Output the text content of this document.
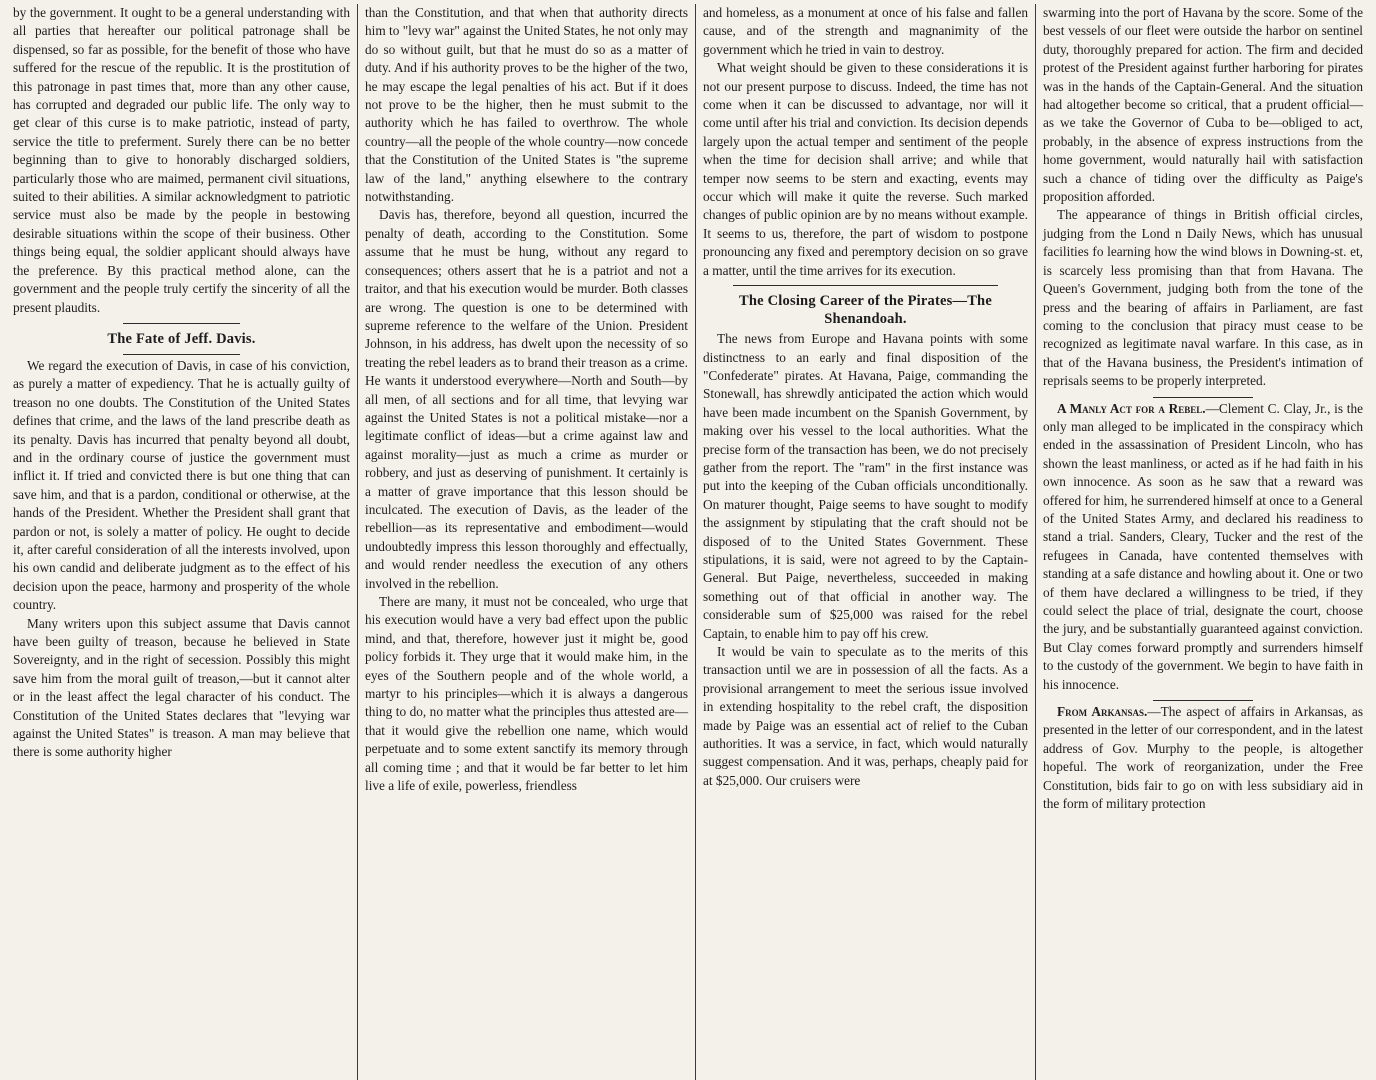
by the government. It ought to be a general understanding with all parties that hereafter our political patronage shall be dispensed, so far as possible, for the benefit of those who have suffered for the rescue of the republic. It is the prostitution of this patronage in past times that, more than any other cause, has corrupted and degraded our public life. The only way to get clear of this curse is to make patriotic, instead of party, service the title to preferment. Surely there can be no better beginning than to give to honorably discharged soldiers, particularly those who are maimed, permanent civil situations, suited to their abilities. A similar acknowledgment to patriotic service must also be made by the people in bestowing desirable situations within the scope of their business. Other things being equal, the soldier applicant should always have the preference. By this practical method alone, can the government and the people truly certify the sincerity of all the present plaudits.

The Fate of Jeff. Davis.

We regard the execution of Davis, in case of his conviction, as purely a matter of expediency. That he is actually guilty of treason no one doubts. The Constitution of the United States defines that crime, and the laws of the land prescribe death as its penalty. Davis has incurred that penalty beyond all doubt, and in the ordinary course of justice the government must inflict it. If tried and convicted there is but one thing that can save him, and that is a pardon, conditional or otherwise, at the hands of the President. Whether the President shall grant that pardon or not, is solely a matter of policy. He ought to decide it, after careful consideration of all the interests involved, upon his own candid and deliberate judgment as to the effect of his decision upon the peace, harmony and prosperity of the whole country.

Many writers upon this subject assume that Davis cannot have been guilty of treason, because he believed in State Sovereignty, and in the right of secession. Possibly this might save him from the moral guilt of treason,—but it cannot alter or in the least affect the legal character of his conduct. The Constitution of the United States declares that "levying war against the United States" is treason. A man may believe that there is some authority higher

than the Constitution, and that when that authority directs him to "levy war" against the United States, he not only may do so without guilt, but that he must do so as a matter of duty. And if his authority proves to be the higher of the two, he may escape the legal penalties of his act. But if it does not prove to be the higher, then he must submit to the authority which he has failed to overthrow. The whole country—all the people of the whole country—now concede that the Constitution of the United States is "the supreme law of the land," anything elsewhere to the contrary notwithstanding.

Davis has, therefore, beyond all question, incurred the penalty of death, according to the Constitution. Some assume that he must be hung, without any regard to consequences; others assert that he is a patriot and not a traitor, and that his execution would be murder. Both classes are wrong. The question is one to be determined with supreme reference to the welfare of the Union. President Johnson, in his address, has dwelt upon the necessity of so treating the rebel leaders as to brand their treason as a crime. He wants it understood everywhere—North and South—by all men, of all sections and for all time, that levying war against the United States is not a political mistake—nor a legitimate conflict of ideas—but a crime against law and against morality—just as much a crime as murder or robbery, and just as deserving of punishment. It certainly is a matter of grave importance that this lesson should be inculcated. The execution of Davis, as the leader of the rebellion—as its representative and embodiment—would undoubtedly impress this lesson thoroughly and effectually, and would render needless the execution of any others involved in the rebellion.

There are many, it must not be concealed, who urge that his execution would have a very bad effect upon the public mind, and that, therefore, however just it might be, good policy forbids it. They urge that it would make him, in the eyes of the Southern people and of the whole world, a martyr to his principles—which it is always a dangerous thing to do, no matter what the principles thus attested are—that it would give the rebellion one name, which would perpetuate and to some extent sanctify its memory through all coming time ; and that it would be far better to let him live a life of exile, powerless, friendless

and homeless, as a monument at once of his false and fallen cause, and of the strength and magnanimity of the government which he tried in vain to destroy.

What weight should be given to these considerations it is not our present purpose to discuss. Indeed, the time has not come when it can be discussed to advantage, nor will it come until after his trial and conviction. Its decision depends largely upon the actual temper and sentiment of the people when the time for decision shall arrive; and while that temper now seems to be stern and exacting, events may occur which will make it quite the reverse. Such marked changes of public opinion are by no means without example. It seems to us, therefore, the part of wisdom to postpone pronouncing any fixed and peremptory decision on so grave a matter, until the time arrives for its execution.

The Closing Career of the Pirates—The Shenandoah.

The news from Europe and Havana points with some distinctness to an early and final disposition of the "Confederate" pirates. At Havana, Paige, commanding the Stonewall, has shrewdly anticipated the action which would have been made incumbent on the Spanish Government, by making over his vessel to the local authorities. What the precise form of the transaction has been, we do not precisely gather from the report. The "ram" in the first instance was put into the keeping of the Cuban officials unconditionally. On maturer thought, Paige seems to have sought to modify the assignment by stipulating that the craft should not be disposed of to the United States Government. These stipulations, it is said, were not agreed to by the Captain-General. But Paige, nevertheless, succeeded in making something out of that official in another way. The considerable sum of $25,000 was raised for the rebel Captain, to enable him to pay off his crew.

It would be vain to speculate as to the merits of this transaction until we are in possession of all the facts. As a provisional arrangement to meet the serious issue involved in extending hospitality to the rebel craft, the disposition made by Paige was an essential act of relief to the Cuban authorities. It was a service, in fact, which would naturally suggest compensation. And it was, perhaps, cheaply paid for at $25,000. Our cruisers were

swarming into the port of Havana by the score. Some of the best vessels of our fleet were outside the harbor on sentinel duty, thoroughly prepared for action. The firm and decided protest of the President against further harboring for pirates was in the hands of the Captain-General. And the situation had altogether become so critical, that a prudent official—as we take the Governor of Cuba to be—obliged to act, probably, in the absence of express instructions from the home government, would naturally hail with satisfaction such a chance of tiding over the difficulty as Paige's proposition afforded.

The appearance of things in British official circles, judging from the Lond n Daily News, which has unusual facilities fo learning how the wind blows in Downing-st. et, is scarcely less promising than that from Havana. The Queen's Government, judging both from the tone of the press and the bearing of affairs in Parliament, are fast coming to the conclusion that piracy must cease to be recognized as legitimate naval warfare. In this case, as in that of the Havana business, the President's intimation of reprisals seems to be properly interpreted.

A Manly Act for a Rebel.—Clement C. Clay, Jr., is the only man alleged to be implicated in the conspiracy which ended in the assassination of President Lincoln, who has shown the least manliness, or acted as if he had faith in his own innocence. As soon as he saw that a reward was offered for him, he surrendered himself at once to a General of the United States Army, and declared his readiness to stand a trial. Sanders, Cleary, Tucker and the rest of the refugees in Canada, have contented themselves with standing at a safe distance and howling about it. One or two of them have declared a willingness to be tried, if they could select the place of trial, designate the court, choose the jury, and be substantially guaranteed against conviction. But Clay comes forward promptly and surrenders himself to the custody of the government. We begin to have faith in his innocence.

From Arkansas.—The aspect of affairs in Arkansas, as presented in the letter of our correspondent, and in the latest address of Gov. Murphy to the people, is altogether hopeful. The work of reorganization, under the Free Constitution, bids fair to go on with less subsidiary aid in the form of military protection
